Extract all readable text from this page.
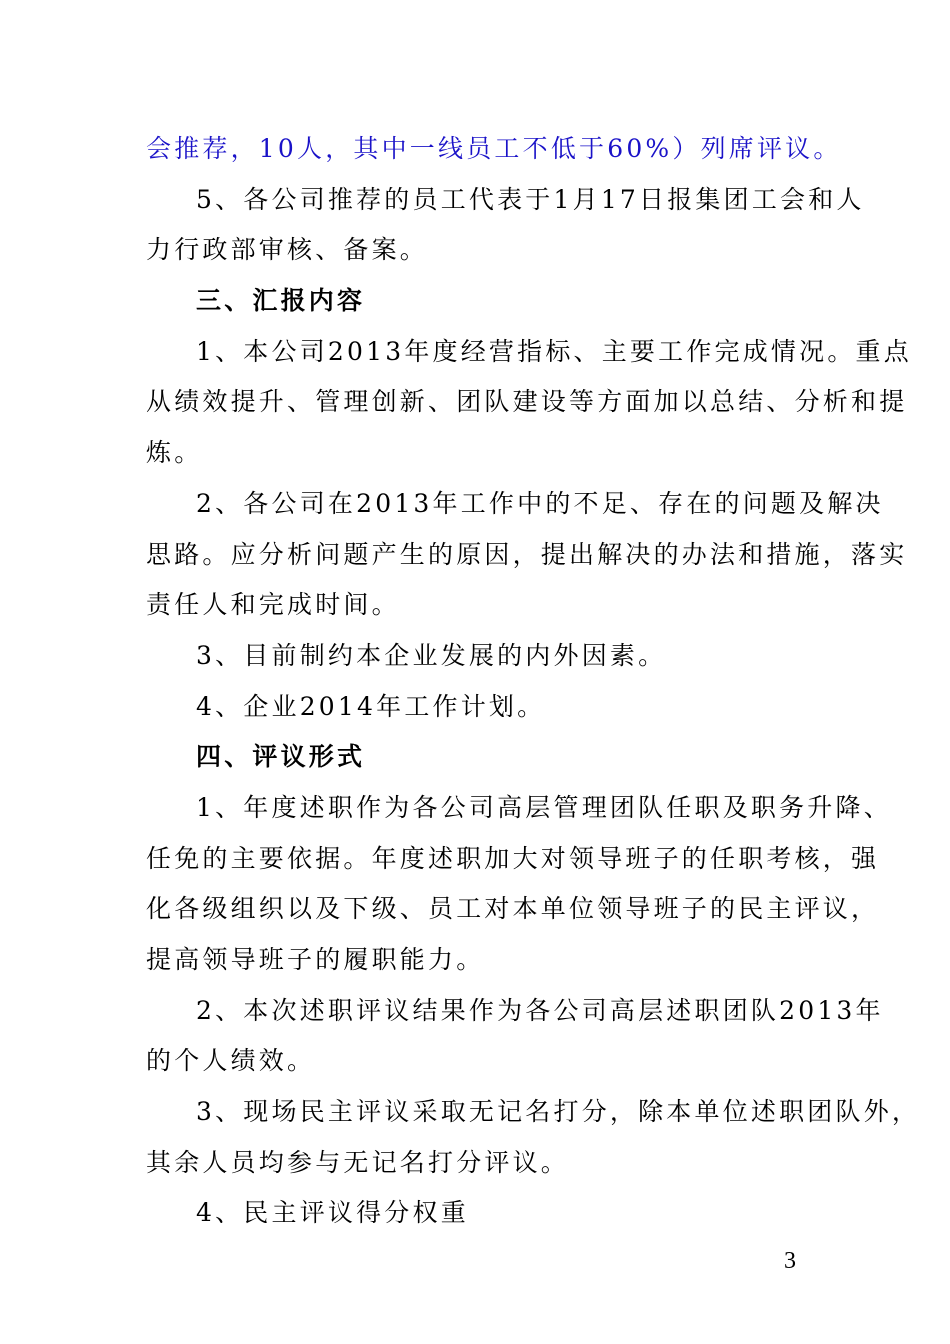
会推荐，10人，其中一线员工不低于60%）列席评议。
5、各公司推荐的员工代表于1月17日报集团工会和人
力行政部审核、备案。
三、汇报内容
1、本公司2013年度经营指标、主要工作完成情况。重点
从绩效提升、管理创新、团队建设等方面加以总结、分析和提
炼。
2、各公司在2013年工作中的不足、存在的问题及解决
思路。应分析问题产生的原因，提出解决的办法和措施，落实
责任人和完成时间。
3、目前制约本企业发展的内外因素。
4、企业2014年工作计划。
四、评议形式
1、年度述职作为各公司高层管理团队任职及职务升降、
任免的主要依据。年度述职加大对领导班子的任职考核，强
化各级组织以及下级、员工对本单位领导班子的民主评议，
提高领导班子的履职能力。
2、本次述职评议结果作为各公司高层述职团队2013年
的个人绩效。
3、现场民主评议采取无记名打分，除本单位述职团队外，
其余人员均参与无记名打分评议。
4、民主评议得分权重
3
